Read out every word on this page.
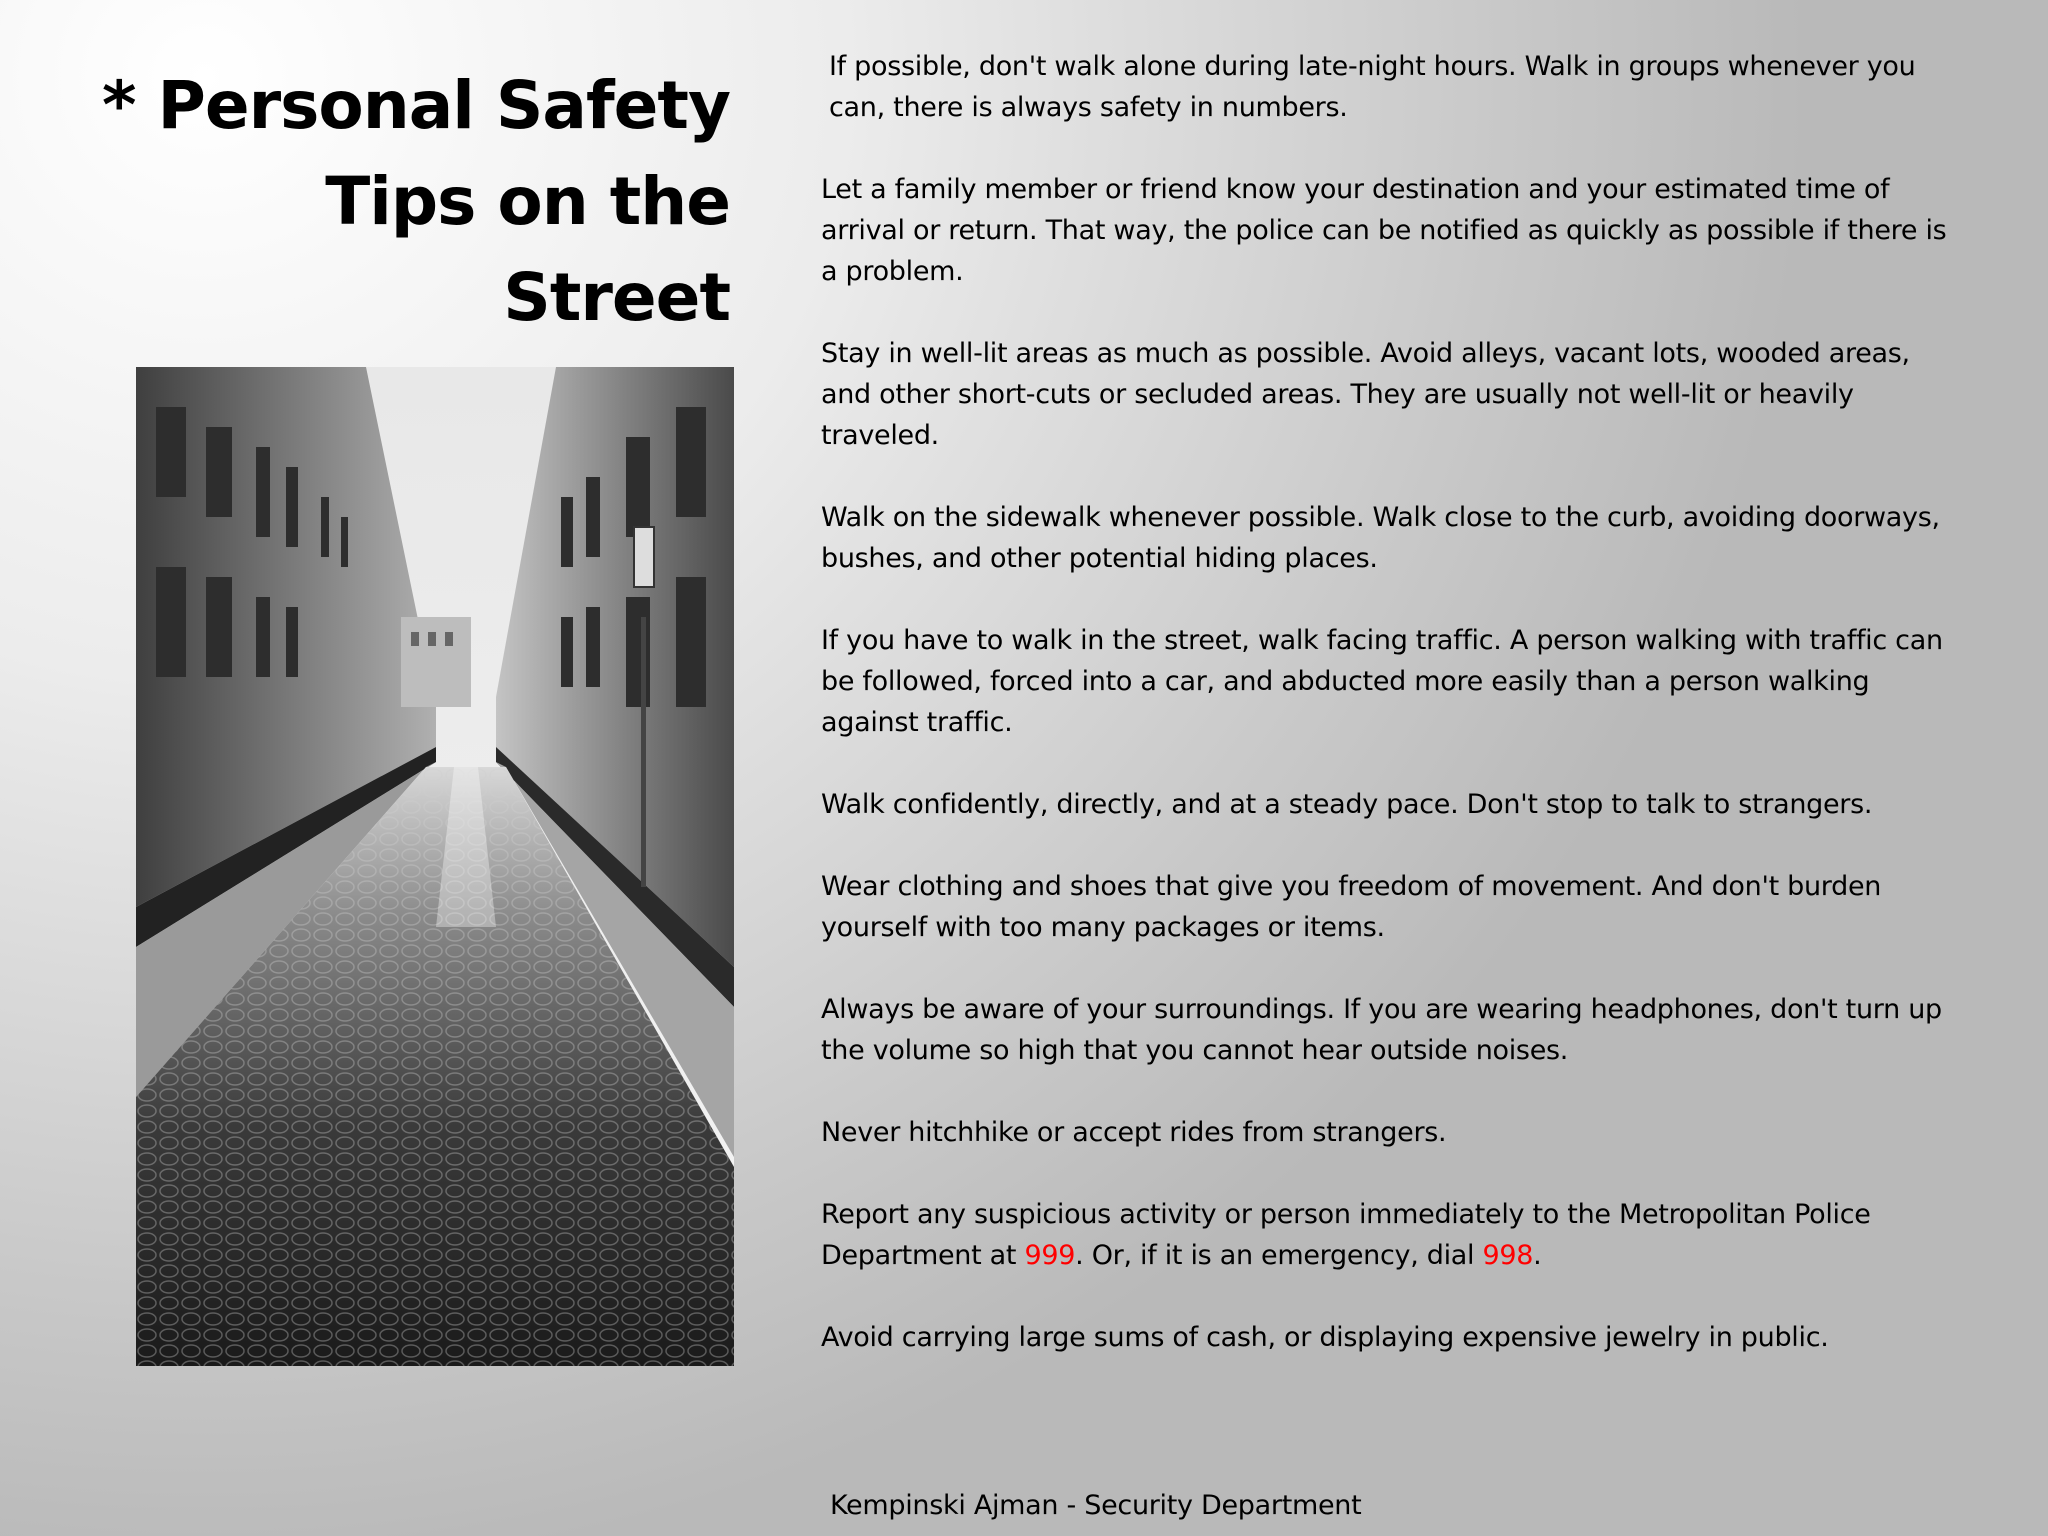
* Personal Safety
Tips on the Street

If possible, don't walk alone during late-night hours. Walk in groups whenever you can, there is always safety in numbers.

Let a family member or friend know your destination and your estimated time of arrival or return. That way, the police can be notified as quickly as possible if there is a problem.

Stay in well-lit areas as much as possible. Avoid alleys, vacant lots, wooded areas, and other short-cuts or secluded areas. They are usually not well-lit or heavily traveled.

Walk on the sidewalk whenever possible. Walk close to the curb, avoiding doorways, bushes, and other potential hiding places.

If you have to walk in the street, walk facing traffic. A person walking with traffic can be followed, forced into a car, and abducted more easily than a person walking against traffic.

Walk confidently, directly, and at a steady pace. Don't stop to talk to strangers.

Wear clothing and shoes that give you freedom of movement. And don't burden yourself with too many packages or items.

Always be aware of your surroundings. If you are wearing headphones, don't turn up the volume so high that you cannot hear outside noises.

Never hitchhike or accept rides from strangers.

Report any suspicious activity or person immediately to the Metropolitan Police Department at 999. Or, if it is an emergency, dial 998.

Avoid carrying large sums of cash, or displaying expensive jewelry in public.

Kempinski Ajman - Security Department
